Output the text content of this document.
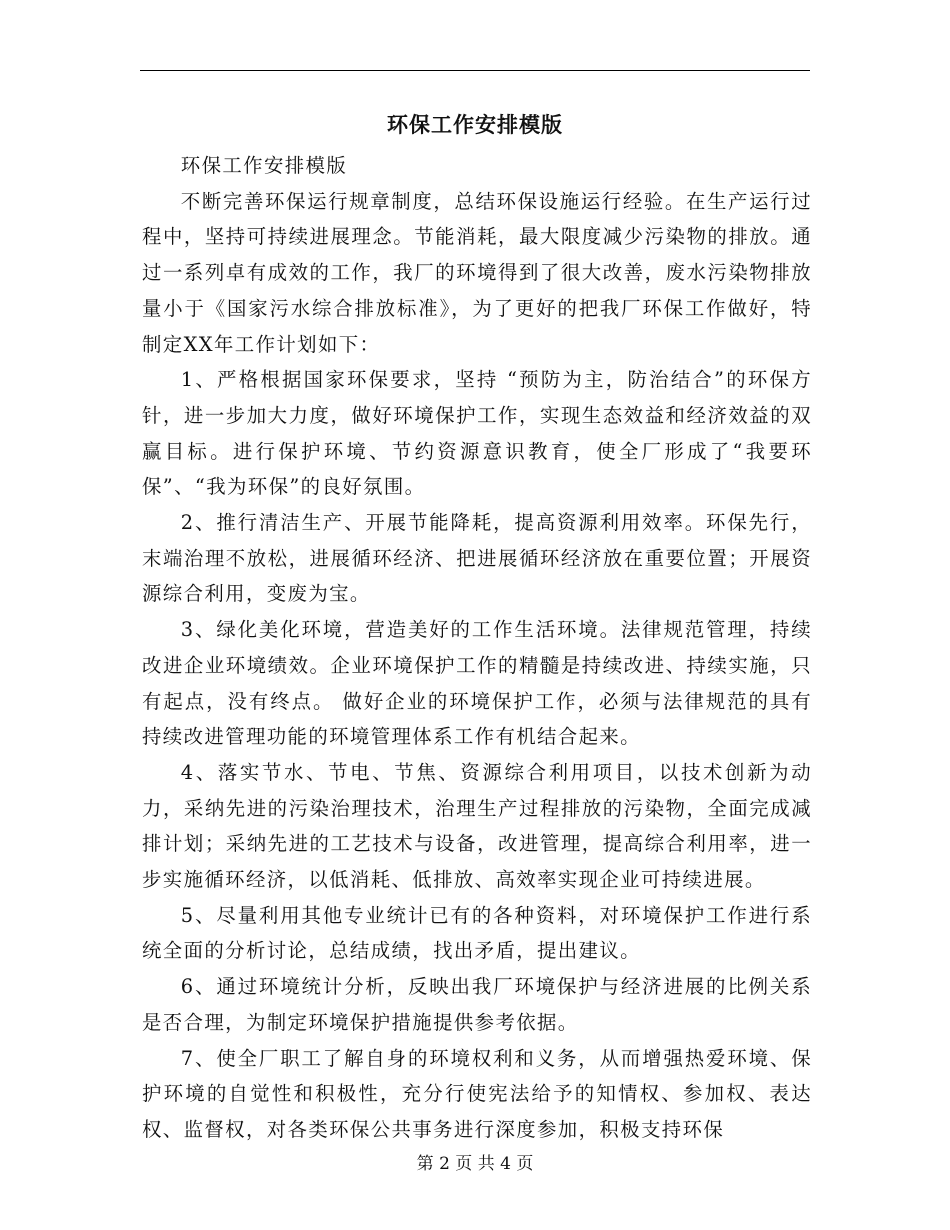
环保工作安排模版

环保工作安排模版

不断完善环保运行规章制度，总结环保设施运行经验。在生产运行过程中，坚持可持续进展理念。节能消耗，最大限度减少污染物的排放。通过一系列卓有成效的工作，我厂的环境得到了很大改善，废水污染物排放量小于《国家污水综合排放标准》，为了更好的把我厂环保工作做好，特制定XX年工作计划如下：

1、严格根据国家环保要求，坚持 “预防为主，防治结合”的环保方针，进一步加大力度，做好环境保护工作，实现生态效益和经济效益的双赢目标。进行保护环境、节约资源意识教育，使全厂形成了“我要环保”、“我为环保”的良好氛围。

2、推行清洁生产、开展节能降耗，提高资源利用效率。环保先行，末端治理不放松，进展循环经济、把进展循环经济放在重要位置；开展资源综合利用，变废为宝。

3、绿化美化环境，营造美好的工作生活环境。法律规范管理，持续改进企业环境绩效。企业环境保护工作的精髓是持续改进、持续实施，只有起点，没有终点。 做好企业的环境保护工作，必须与法律规范的具有持续改进管理功能的环境管理体系工作有机结合起来。

4、落实节水、节电、节焦、资源综合利用项目，以技术创新为动力，采纳先进的污染治理技术，治理生产过程排放的污染物，全面完成减排计划；采纳先进的工艺技术与设备，改进管理，提高综合利用率，进一步实施循环经济，以低消耗、低排放、高效率实现企业可持续进展。

5、尽量利用其他专业统计已有的各种资料，对环境保护工作进行系统全面的分析讨论，总结成绩，找出矛盾，提出建议。

6、通过环境统计分析，反映出我厂环境保护与经济进展的比例关系是否合理，为制定环境保护措施提供参考依据。

7、使全厂职工了解自身的环境权利和义务，从而增强热爱环境、保护环境的自觉性和积极性，充分行使宪法给予的知情权、参加权、表达权、监督权，对各类环保公共事务进行深度参加，积极支持环保

第 2 页 共 4 页
